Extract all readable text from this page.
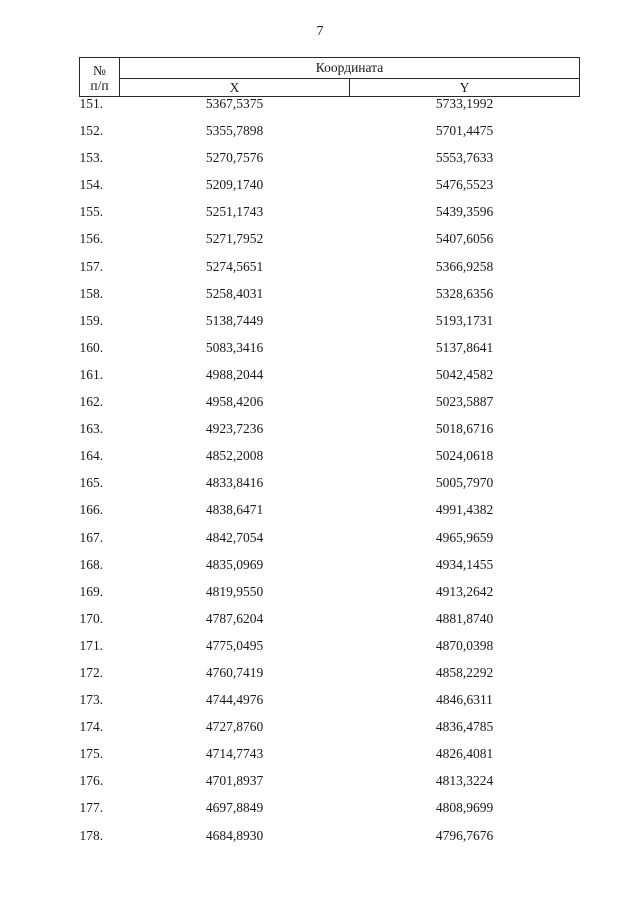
7
№
п/п	Координата	
	X	Y
151.	5367,5375	5733,1992
152.	5355,7898	5701,4475
153.	5270,7576	5553,7633
154.	5209,1740	5476,5523
155.	5251,1743	5439,3596
156.	5271,7952	5407,6056
157.	5274,5651	5366,9258
158.	5258,4031	5328,6356
159.	5138,7449	5193,1731
160.	5083,3416	5137,8641
161.	4988,2044	5042,4582
162.	4958,4206	5023,5887
163.	4923,7236	5018,6716
164.	4852,2008	5024,0618
165.	4833,8416	5005,7970
166.	4838,6471	4991,4382
167.	4842,7054	4965,9659
168.	4835,0969	4934,1455
169.	4819,9550	4913,2642
170.	4787,6204	4881,8740
171.	4775,0495	4870,0398
172.	4760,7419	4858,2292
173.	4744,4976	4846,6311
174.	4727,8760	4836,4785
175.	4714,7743	4826,4081
176.	4701,8937	4813,3224
177.	4697,8849	4808,9699
178.	4684,8930	4796,7676
